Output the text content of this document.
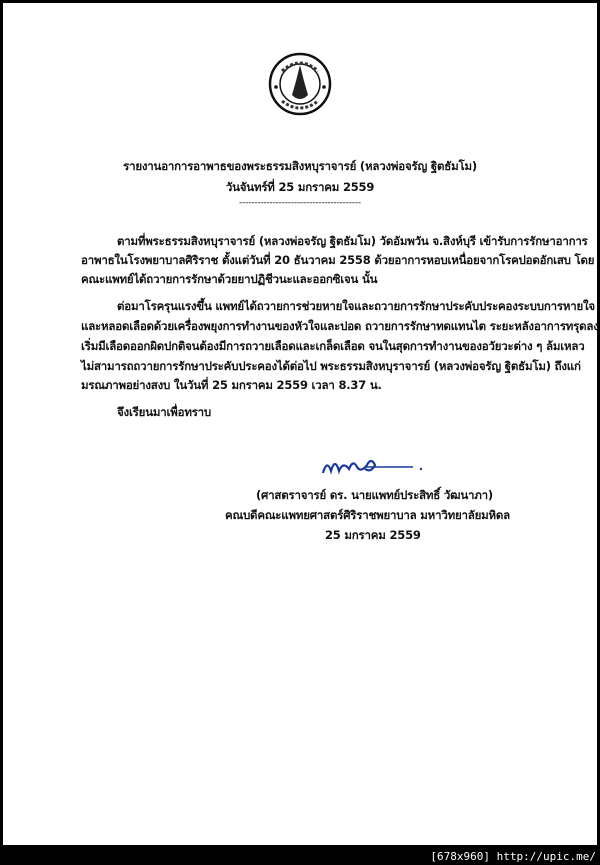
รายงานอาการอาพาธของพระธรรมสิงหบุราจารย์ (หลวงพ่อจรัญ ฐิตธัมโม)
วันจันทร์ที่ 25 มกราคม 2559
----------------------------------------
ตามที่พระธรรมสิงหบุราจารย์ (หลวงพ่อจรัญ ฐิตธัมโม) วัดอัมพวัน จ.สิงห์บุรี เข้ารับการรักษาอาการ
อาพาธในโรงพยาบาลศิริราช ตั้งแต่วันที่ 20 ธันวาคม 2558 ด้วยอาการหอบเหนื่อยจากโรคปอดอักเสบ โดย
คณะแพทย์ได้ถวายการรักษาด้วยยาปฏิชีวนะและออกซิเจน นั้น
ต่อมาโรครุนแรงขึ้น แพทย์ได้ถวายการช่วยหายใจและถวายการรักษาประคับประคองระบบการหายใจ
และหลอดเลือดด้วยเครื่องพยุงการทำงานของหัวใจและปอด ถวายการรักษาทดแทนไต ระยะหลังอาการทรุดลง
เริ่มมีเลือดออกผิดปกติจนต้องมีการถวายเลือดและเกล็ดเลือด จนในสุดการทำงานของอวัยวะต่าง ๆ ล้มเหลว
ไม่สามารถถวายการรักษาประคับประคองได้ต่อไป พระธรรมสิงหบุราจารย์ (หลวงพ่อจรัญ ฐิตธัมโม) ถึงแก่
มรณภาพอย่างสงบ ในวันที่ 25 มกราคม 2559 เวลา 8.37 น.
จึงเรียนมาเพื่อทราบ
(ศาสตราจารย์ ดร. นายแพทย์ประสิทธิ์ วัฒนาภา)
คณบดีคณะแพทยศาสตร์ศิริราชพยาบาล มหาวิทยาลัยมหิดล
25 มกราคม 2559
[678x960] http://upic.me/
